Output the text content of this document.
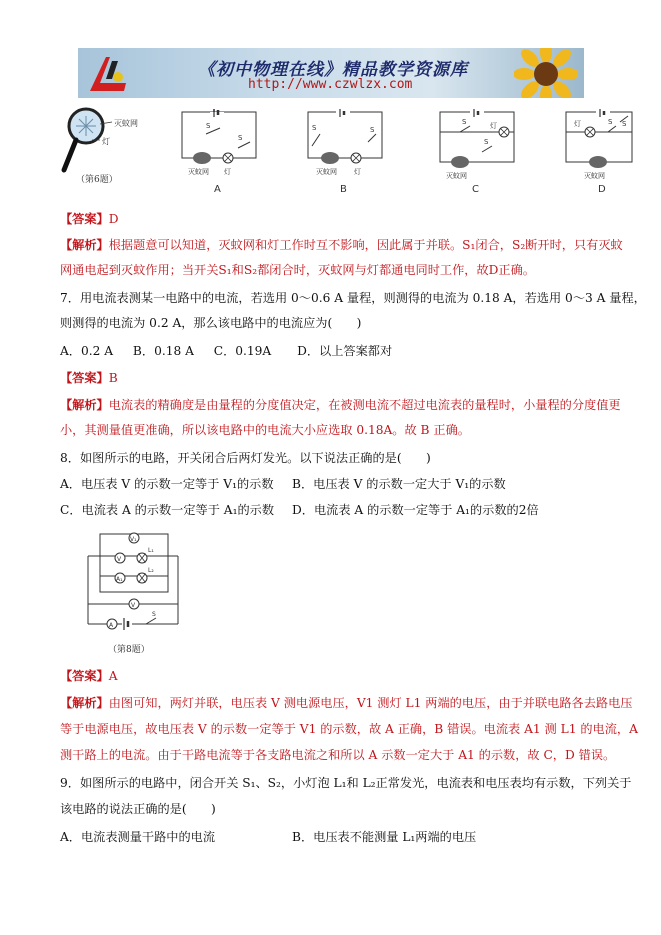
《初中物理在线》精品教学资源库
http://www.czwlzx.com
灭蚊网
灯
（第6题）
S
S
灭蚊网 灯
A
S	S
灭蚊网 灯
B
S
S
灯
灭蚊网
C
灯	S S
灭蚊网
D
【答案】D
【解析】根据题意可以知道，灭蚊网和灯工作时互不影响，因此属于并联。S₁闭合，S₂断开时，只有灭蚊
网通电起到灭蚊作用；当开关S₁和S₂都闭合时，灭蚊网与灯都通电同时工作，故D正确。
7．用电流表测某一电路中的电流，若选用 0～0.6 A 量程，则测得的电流为 0.18 A，若选用 0～3 A 量程，
则测得的电流为 0.2 A，那么该电路中的电流应为(　　)
A．0.2 A B．0.18 A C．0.19A D．以上答案都对
【答案】B
【解析】电流表的精确度是由量程的分度值决定，在被测电流不超过电流表的量程时，小量程的分度值更
小，其测量值更准确，所以该电路中的电流大小应选取 0.18A。故 B 正确。
8．如图所示的电路，开关闭合后两灯发光。以下说法正确的是(　　)
A．电压表 V 的示数一定等于 V₁的示数 B．电压表 V 的示数一定大于 V₁的示数
C．电流表 A 的示数一定等于 A₁的示数 D．电流表 A 的示数一定等于 A₁的示数的2倍
V₁
V
A₁
V
A
L₁
L₂
S
（第8题）
【答案】A
【解析】由图可知，两灯并联，电压表 V 测电源电压，V1 测灯 L1 两端的电压，由于并联电路各去路电压
等于电源电压，故电压表 V 的示数一定等于 V1 的示数，故 A 正确，B 错误。电流表 A1 测 L1 的电流，A
测干路上的电流。由于干路电流等于各支路电流之和所以 A 示数一定大于 A1 的示数，故 C，D 错误。
9．如图所示的电路中，闭合开关 S₁、S₂，小灯泡 L₁和 L₂正常发光，电流表和电压表均有示数，下列关于
该电路的说法正确的是(　　)
A．电流表测量干路中的电流	B．电压表不能测量 L₁两端的电压
